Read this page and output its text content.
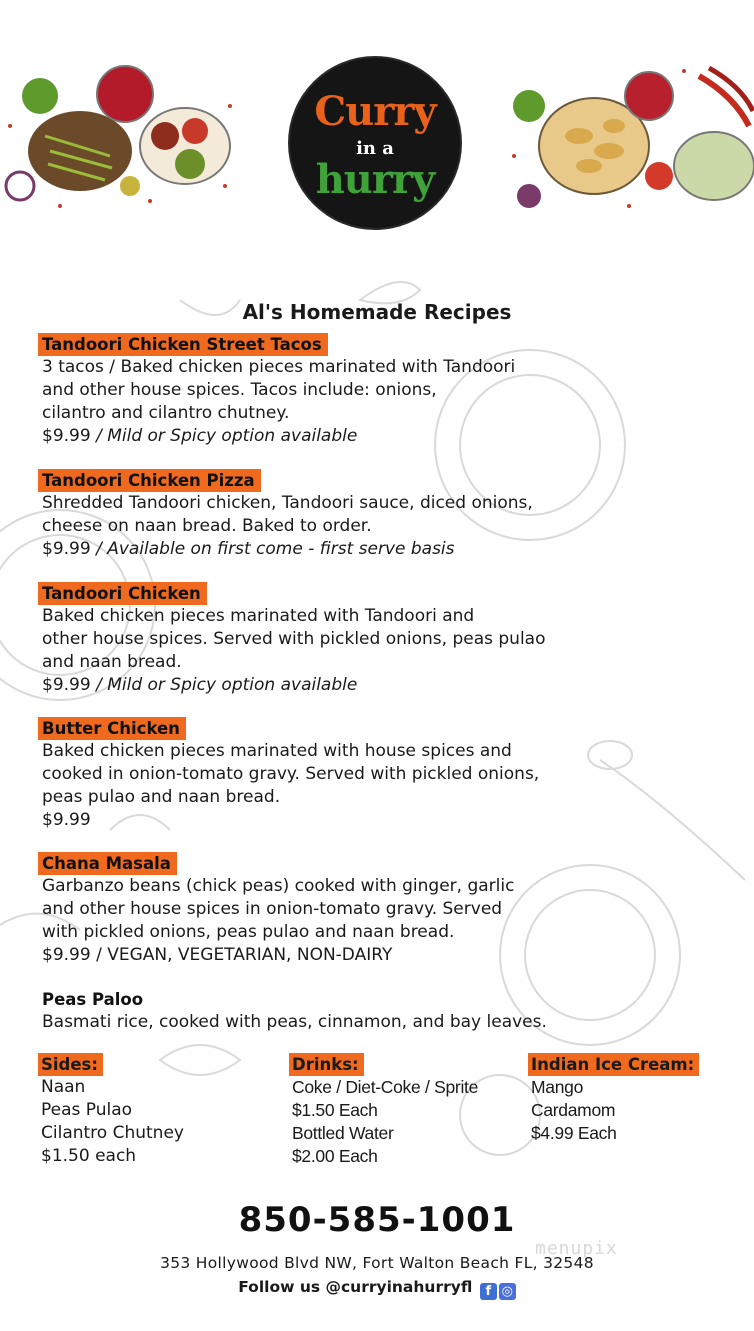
Curry
in a
hurry
Al's Homemade Recipes
Tandoori Chicken Street Tacos
3 tacos / Baked chicken pieces marinated with Tandoori
and other house spices. Tacos include: onions,
cilantro and cilantro chutney.
$9.99 / Mild or Spicy option available
Tandoori Chicken Pizza
Shredded Tandoori chicken, Tandoori sauce, diced onions,
cheese on naan bread. Baked to order.
$9.99 / Available on first come - first serve basis
Tandoori Chicken
Baked chicken pieces marinated with Tandoori and
other house spices. Served with pickled onions, peas pulao
and naan bread.
$9.99 / Mild or Spicy option available
Butter Chicken
Baked chicken pieces marinated with house spices and
cooked in onion-tomato gravy. Served with pickled onions,
peas pulao and naan bread.
$9.99
Chana Masala
Garbanzo beans (chick peas) cooked with ginger, garlic
and other house spices in onion-tomato gravy. Served
with pickled onions, peas pulao and naan bread.
$9.99 / VEGAN, VEGETARIAN, NON-DAIRY
Peas Paloo
Basmati rice, cooked with peas, cinnamon, and bay leaves.
Sides:
Naan
Peas Pulao
Cilantro Chutney
$1.50 each
Drinks:
Coke / Diet-Coke / Sprite
$1.50 Each
Bottled Water
$2.00 Each
Indian Ice Cream:
Mango
Cardamom
$4.99 Each
850-585-1001
menupix
353 Hollywood Blvd NW, Fort Walton Beach FL, 32548
Follow us @curryinahurryfl f ◎
